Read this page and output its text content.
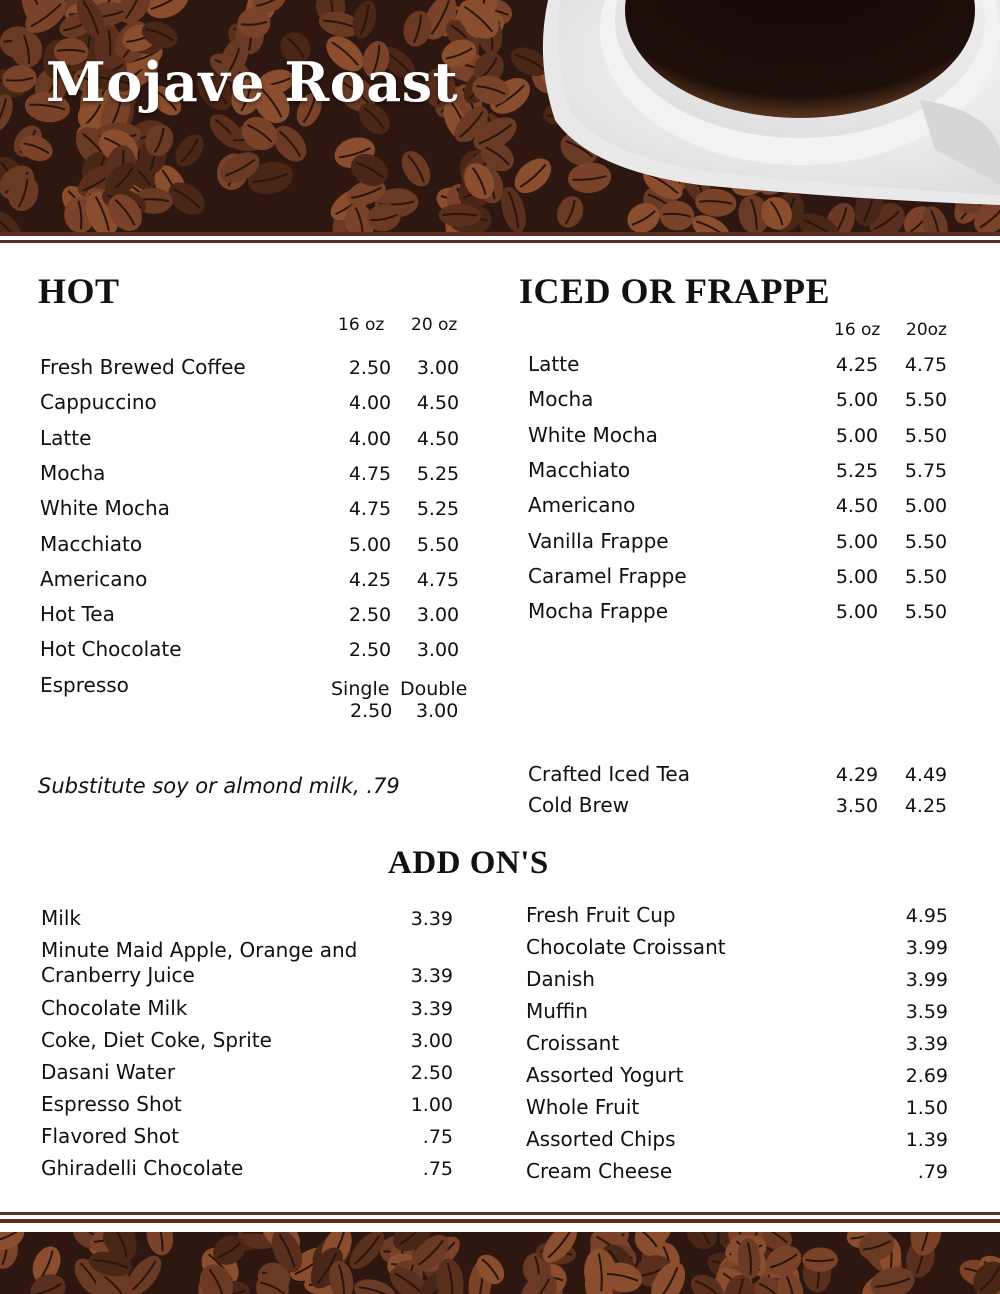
Mojave Roast
HOT
16 oz 20 oz
Fresh Brewed Coffee	2.50	3.00
Cappuccino	4.00	4.50
Latte	4.00	4.50
Mocha	4.75	5.25
White Mocha	4.75	5.25
Macchiato	5.00	5.50
Americano	4.25	4.75
Hot Tea	2.50	3.00
Hot Chocolate	2.50	3.00
Espresso	Single Double
2.50 3.00
Substitute soy or almond milk, .79
ICED OR FRAPPE
16 oz 20oz
Latte	4.25	4.75
Mocha	5.00	5.50
White Mocha	5.00	5.50
Macchiato	5.25	5.75
Americano	4.50	5.00
Vanilla Frappe	5.00	5.50
Caramel Frappe	5.00	5.50
Mocha Frappe	5.00	5.50
Crafted Iced Tea	4.29	4.49
Cold Brew	3.50	4.25
ADD ON'S
Milk	3.39
Minute Maid Apple, Orange and
Cranberry Juice	3.39
Chocolate Milk	3.39
Coke, Diet Coke, Sprite	3.00
Dasani Water	2.50
Espresso Shot	1.00
Flavored Shot	.75
Ghiradelli Chocolate	.75
Fresh Fruit Cup	4.95
Chocolate Croissant	3.99
Danish	3.99
Muffin	3.59
Croissant	3.39
Assorted Yogurt	2.69
Whole Fruit	1.50
Assorted Chips	1.39
Cream Cheese	.79
